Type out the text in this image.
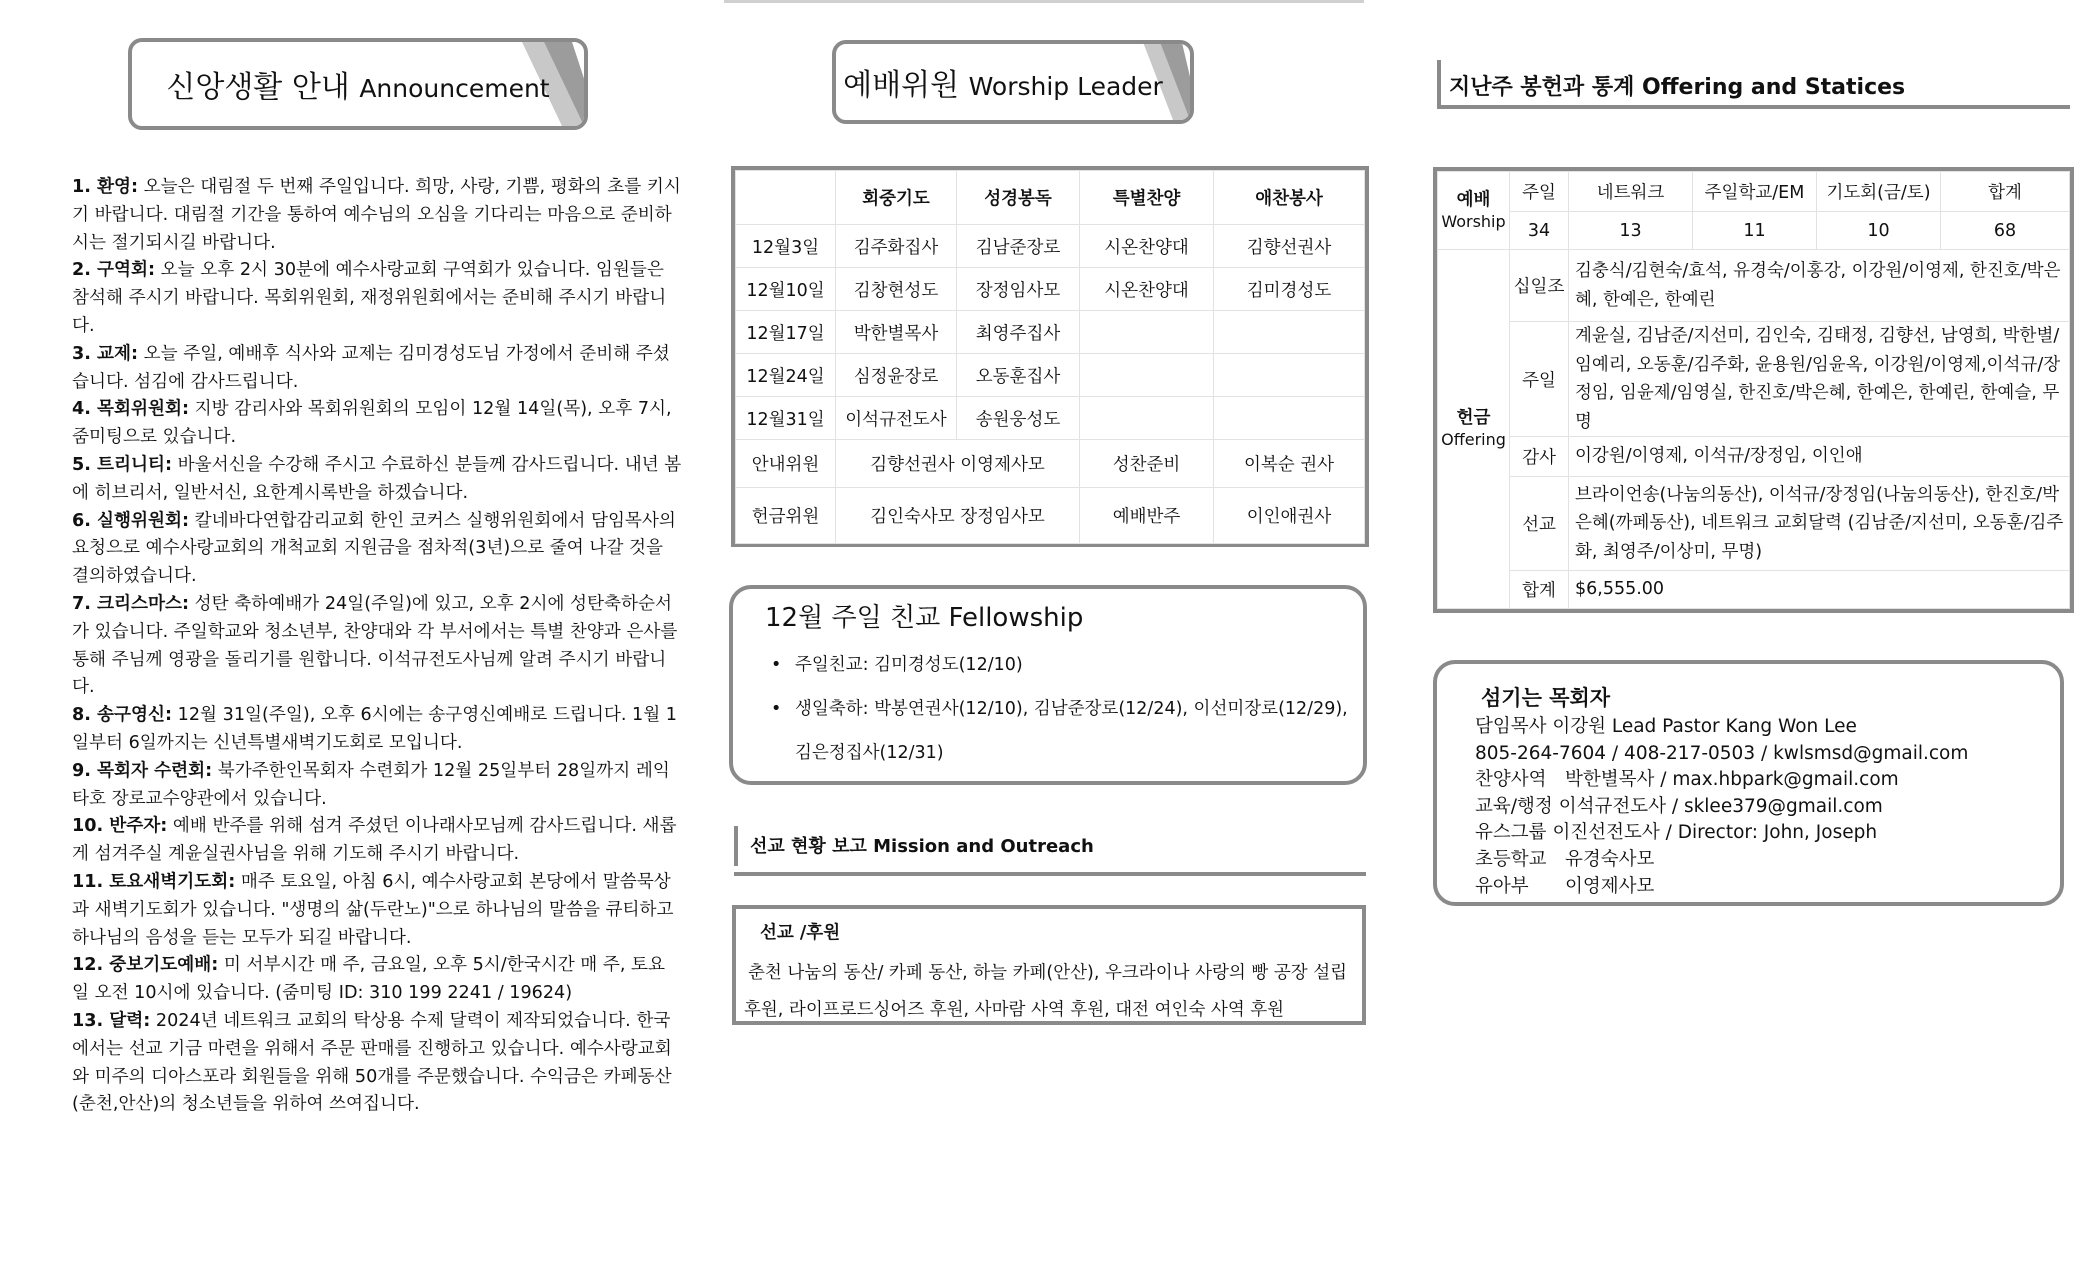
신앙생활 안내 Announcement

1. 환영: 오늘은 대림절 두 번째 주일입니다. 희망, 사랑, 기쁨, 평화의 초를 키시기 바랍니다. 대림절 기간을 통하여 예수님의 오심을 기다리는 마음으로 준비하시는 절기되시길 바랍니다.

2. 구역회: 오늘 오후 2시 30분에 예수사랑교회 구역회가 있습니다. 임원들은 참석해 주시기 바랍니다. 목회위원회, 재정위원회에서는 준비해 주시기 바랍니다.

3. 교제: 오늘 주일, 예배후 식사와 교제는 김미경성도님 가정에서 준비해 주셨습니다. 섬김에 감사드립니다.

4. 목회위원회: 지방 감리사와 목회위원회의 모임이 12월 14일(목), 오후 7시, 줌미팅으로 있습니다.

5. 트리니티: 바울서신을 수강해 주시고 수료하신 분들께 감사드립니다. 내년 봄에 히브리서, 일반서신, 요한계시록반을 하겠습니다.

6. 실행위원회: 칼네바다연합감리교회 한인 코커스 실행위원회에서 담임목사의 요청으로 예수사랑교회의 개척교회 지원금을 점차적(3년)으로 줄여 나갈 것을 결의하였습니다.

7. 크리스마스: 성탄 축하예배가 24일(주일)에 있고, 오후 2시에 성탄축하순서가 있습니다. 주일학교와 청소년부, 찬양대와 각 부서에서는 특별 찬양과 은사를 통해 주님께 영광을 돌리기를 원합니다. 이석규전도사님께 알려 주시기 바랍니다.

8. 송구영신: 12월 31일(주일), 오후 6시에는 송구영신예배로 드립니다. 1월 1일부터 6일까지는 신년특별새벽기도회로 모입니다.

9. 목회자 수련회: 북가주한인목회자 수련회가 12월 25일부터 28일까지 레익타호 장로교수양관에서 있습니다.

10. 반주자: 예배 반주를 위해 섬겨 주셨던 이나래사모님께 감사드립니다. 새롭게 섬겨주실 계윤실권사님을 위해 기도해 주시기 바랍니다.

11. 토요새벽기도회: 매주 토요일, 아침 6시, 예수사랑교회 본당에서 말씀묵상과 새벽기도회가 있습니다. "생명의 삶(두란노)"으로 하나님의 말씀을 큐티하고 하나님의 음성을 듣는 모두가 되길 바랍니다.

12. 중보기도예배: 미 서부시간 매 주, 금요일, 오후 5시/한국시간 매 주, 토요일 오전 10시에 있습니다. (줌미팅 ID: 310 199 2241 / 19624)

13. 달력: 2024년 네트워크 교회의 탁상용 수제 달력이 제작되었습니다. 한국에서는 선교 기금 마련을 위해서 주문 판매를 진행하고 있습니다. 예수사랑교회와 미주의 디아스포라 회원들을 위해 50개를 주문했습니다. 수익금은 카페동산(춘천,안산)의 청소년들을 위하여 쓰여집니다.

예배위원 Worship Leader
	회중기도	성경봉독	특별찬양	애찬봉사
12월3일	김주화집사	김남준장로	시온찬양대	김향선권사
12월10일	김창현성도	장정임사모	시온찬양대	김미경성도
12월17일	박한별목사	최영주집사		
12월24일	심정윤장로	오동훈집사		
12월31일	이석규전도사	송원웅성도		
안내위원	김향선권사 이영제사모		성찬준비	이복순 권사
헌금위원	김인숙사모 장정임사모		예배반주	이인애권사
12월 주일 친교 Fellowship
• 주일친교: 김미경성도(12/10)
• 생일축하: 박봉연권사(12/10), 김남준장로(12/24), 이선미장로(12/29), 김은정집사(12/31)
선교 현황 보고 Mission and Outreach
선교 /후원
춘천 나눔의 동산/ 카페 동산, 하늘 카페(안산), 우크라이나 사랑의 빵 공장 설립 후원, 라이프로드싱어즈 후원, 사마람 사역 후원, 대전 여인숙 사역 후원
지난주 봉헌과 통계 Offering and Statices
예배
Worship	주일	네트워크	주일학교/EM	기도회(금/토)	합계
	34	13	11	10	68

헌금
Offering	십일조	김충식/김현숙/효석, 유경숙/이홍강, 이강원/이영제, 한진호/박은혜, 한예은, 한예린			
	주일	계윤실, 김남준/지선미, 김인숙, 김태정, 김향선, 남영희, 박한별/임예리, 오동훈/김주화, 윤용원/임윤옥, 이강원/이영제,이석규/장정임, 임윤제/임영실, 한진호/박은혜, 한예은, 한예린, 한예슬, 무명			
	감사	이강원/이영제, 이석규/장정임, 이인애			
	선교	브라이언송(나눔의동산), 이석규/장정임(나눔의동산), 한진호/박은혜(까페동산), 네트워크 교회달력 (김남준/지선미, 오동훈/김주화, 최영주/이상미, 무명)			
	합계	$6,555.00			
섬기는 목회자
담임목사 이강원 Lead Pastor Kang Won Lee
805-264-7604 / 408-217-0503 / kwlsmsd@gmail.com
찬양사역	박한별목사 / max.hbpark@gmail.com
교육/행정 이석규전도사 / sklee379@gmail.com
유스그룹 이진선전도사 / Director: John, Joseph
초등학교	유경숙사모
유아부	이영제사모
